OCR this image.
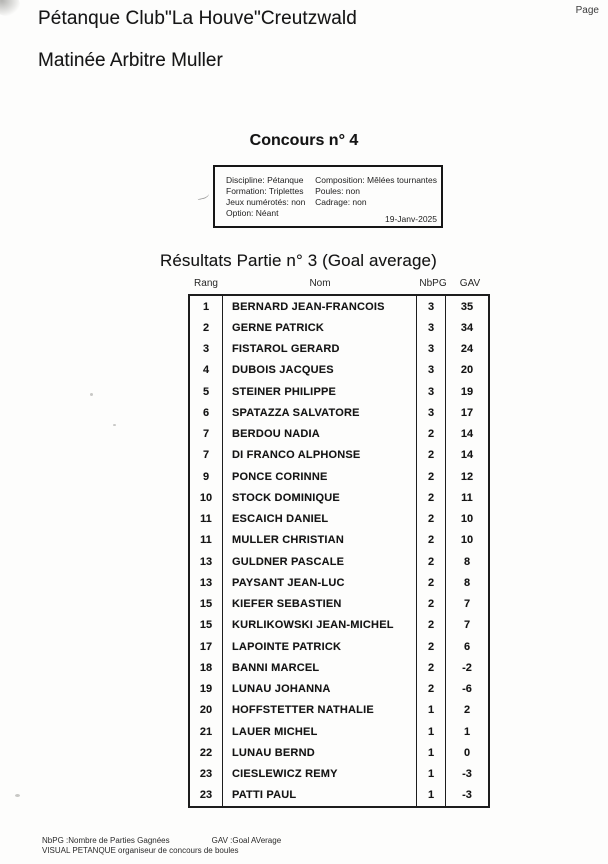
Pétanque Club"La Houve"Creutzwald
Matinée Arbitre Muller
Page
Concours n° 4
Discipline: Pétanque
Formation: Triplettes
Jeux numérotés: non
Option: Néant
Composition: Mêlées tournantes
Poules: non
Cadrage: non
19-Janv-2025
Résultats Partie n° 3 (Goal average)
Rang	Nom	NbPG GAV
1	BERNARD JEAN-FRANCOIS	3	35
2	GERNE PATRICK	3	34
3	FISTAROL GERARD	3	24
4	DUBOIS JACQUES	3	20
5	STEINER PHILIPPE	3	19
6	SPATAZZA SALVATORE	3	17
7	BERDOU NADIA	2	14
7	DI FRANCO ALPHONSE	2	14
9	PONCE CORINNE	2	12
10	STOCK DOMINIQUE	2	11
11	ESCAICH DANIEL	2	10
11	MULLER CHRISTIAN	2	10
13	GULDNER PASCALE	2	8
13	PAYSANT JEAN-LUC	2	8
15	KIEFER SEBASTIEN	2	7
15	KURLIKOWSKI JEAN-MICHEL	2	7
17	LAPOINTE PATRICK	2	6
18	BANNI MARCEL	2	-2
19	LUNAU JOHANNA	2	-6
20	HOFFSTETTER NATHALIE	1	2
21	LAUER MICHEL	1	1
22	LUNAU BERND	1	0
23	CIESLEWICZ REMY	1	-3
23	PATTI PAUL	1	-3
NbPG :Nombre de Parties Gagnées	GAV :Goal AVerage
VISUAL PETANQUE organiseur de concours de boules
